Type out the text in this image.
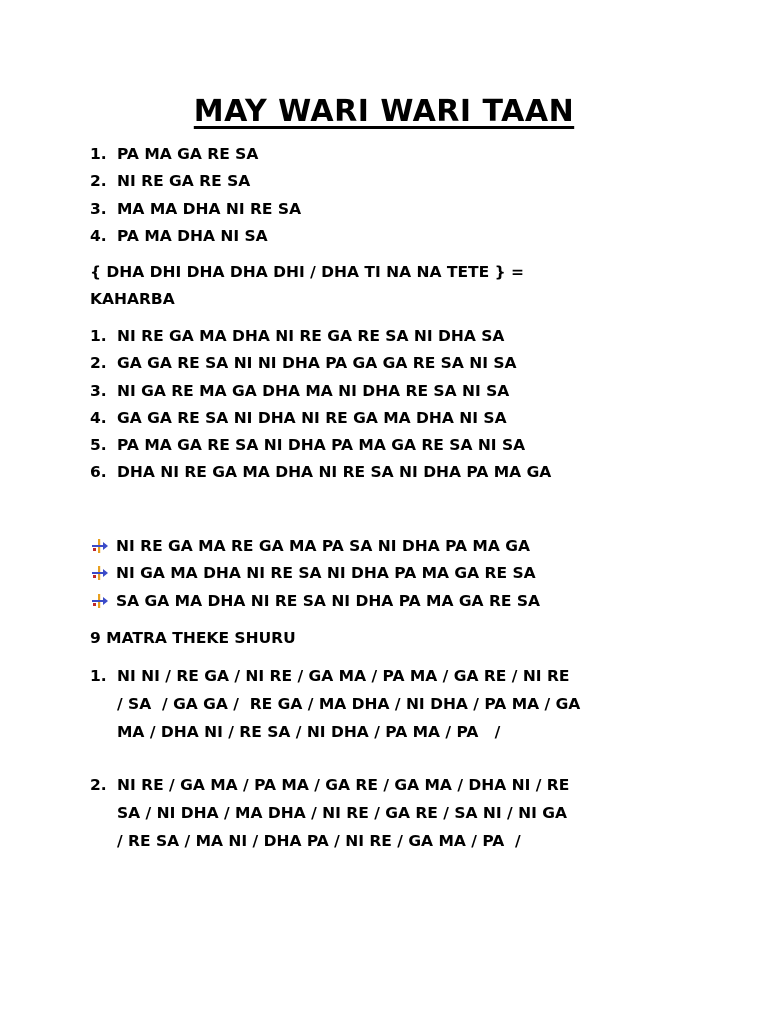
MAY WARI WARI TAAN
1. PA MA GA RE SA
2. NI RE GA RE SA
3. MA MA DHA NI RE SA
4. PA MA DHA NI SA

{ DHA DHI DHA DHA DHI / DHA TI NA NA TETE } =

KAHARBA

1. NI RE GA MA DHA NI RE GA RE SA NI DHA SA
2. GA GA RE SA NI NI DHA PA GA GA RE SA NI SA
3. NI GA RE MA GA DHA MA NI DHA RE SA NI SA
4. GA GA RE SA NI DHA NI RE GA MA DHA NI SA
5. PA MA GA RE SA NI DHA PA MA GA RE SA NI SA
6. DHA NI RE GA MA DHA NI RE SA NI DHA PA MA GA
NI RE GA MA RE GA MA PA SA NI DHA PA MA GA
NI GA MA DHA NI RE SA NI DHA PA MA GA RE SA
SA GA MA DHA NI RE SA NI DHA PA MA GA RE SA

9 MATRA THEKE SHURU

1. NI NI / RE GA / NI RE / GA MA / PA MA / GA RE / NI RE
/ SA  / GA GA /  RE GA / MA DHA / NI DHA / PA MA / GA
MA / DHA NI / RE SA / NI DHA / PA MA / PA   /
2. NI RE / GA MA / PA MA / GA RE / GA MA / DHA NI / RE
SA / NI DHA / MA DHA / NI RE / GA RE / SA NI / NI GA
/ RE SA / MA NI / DHA PA / NI RE / GA MA / PA  /
